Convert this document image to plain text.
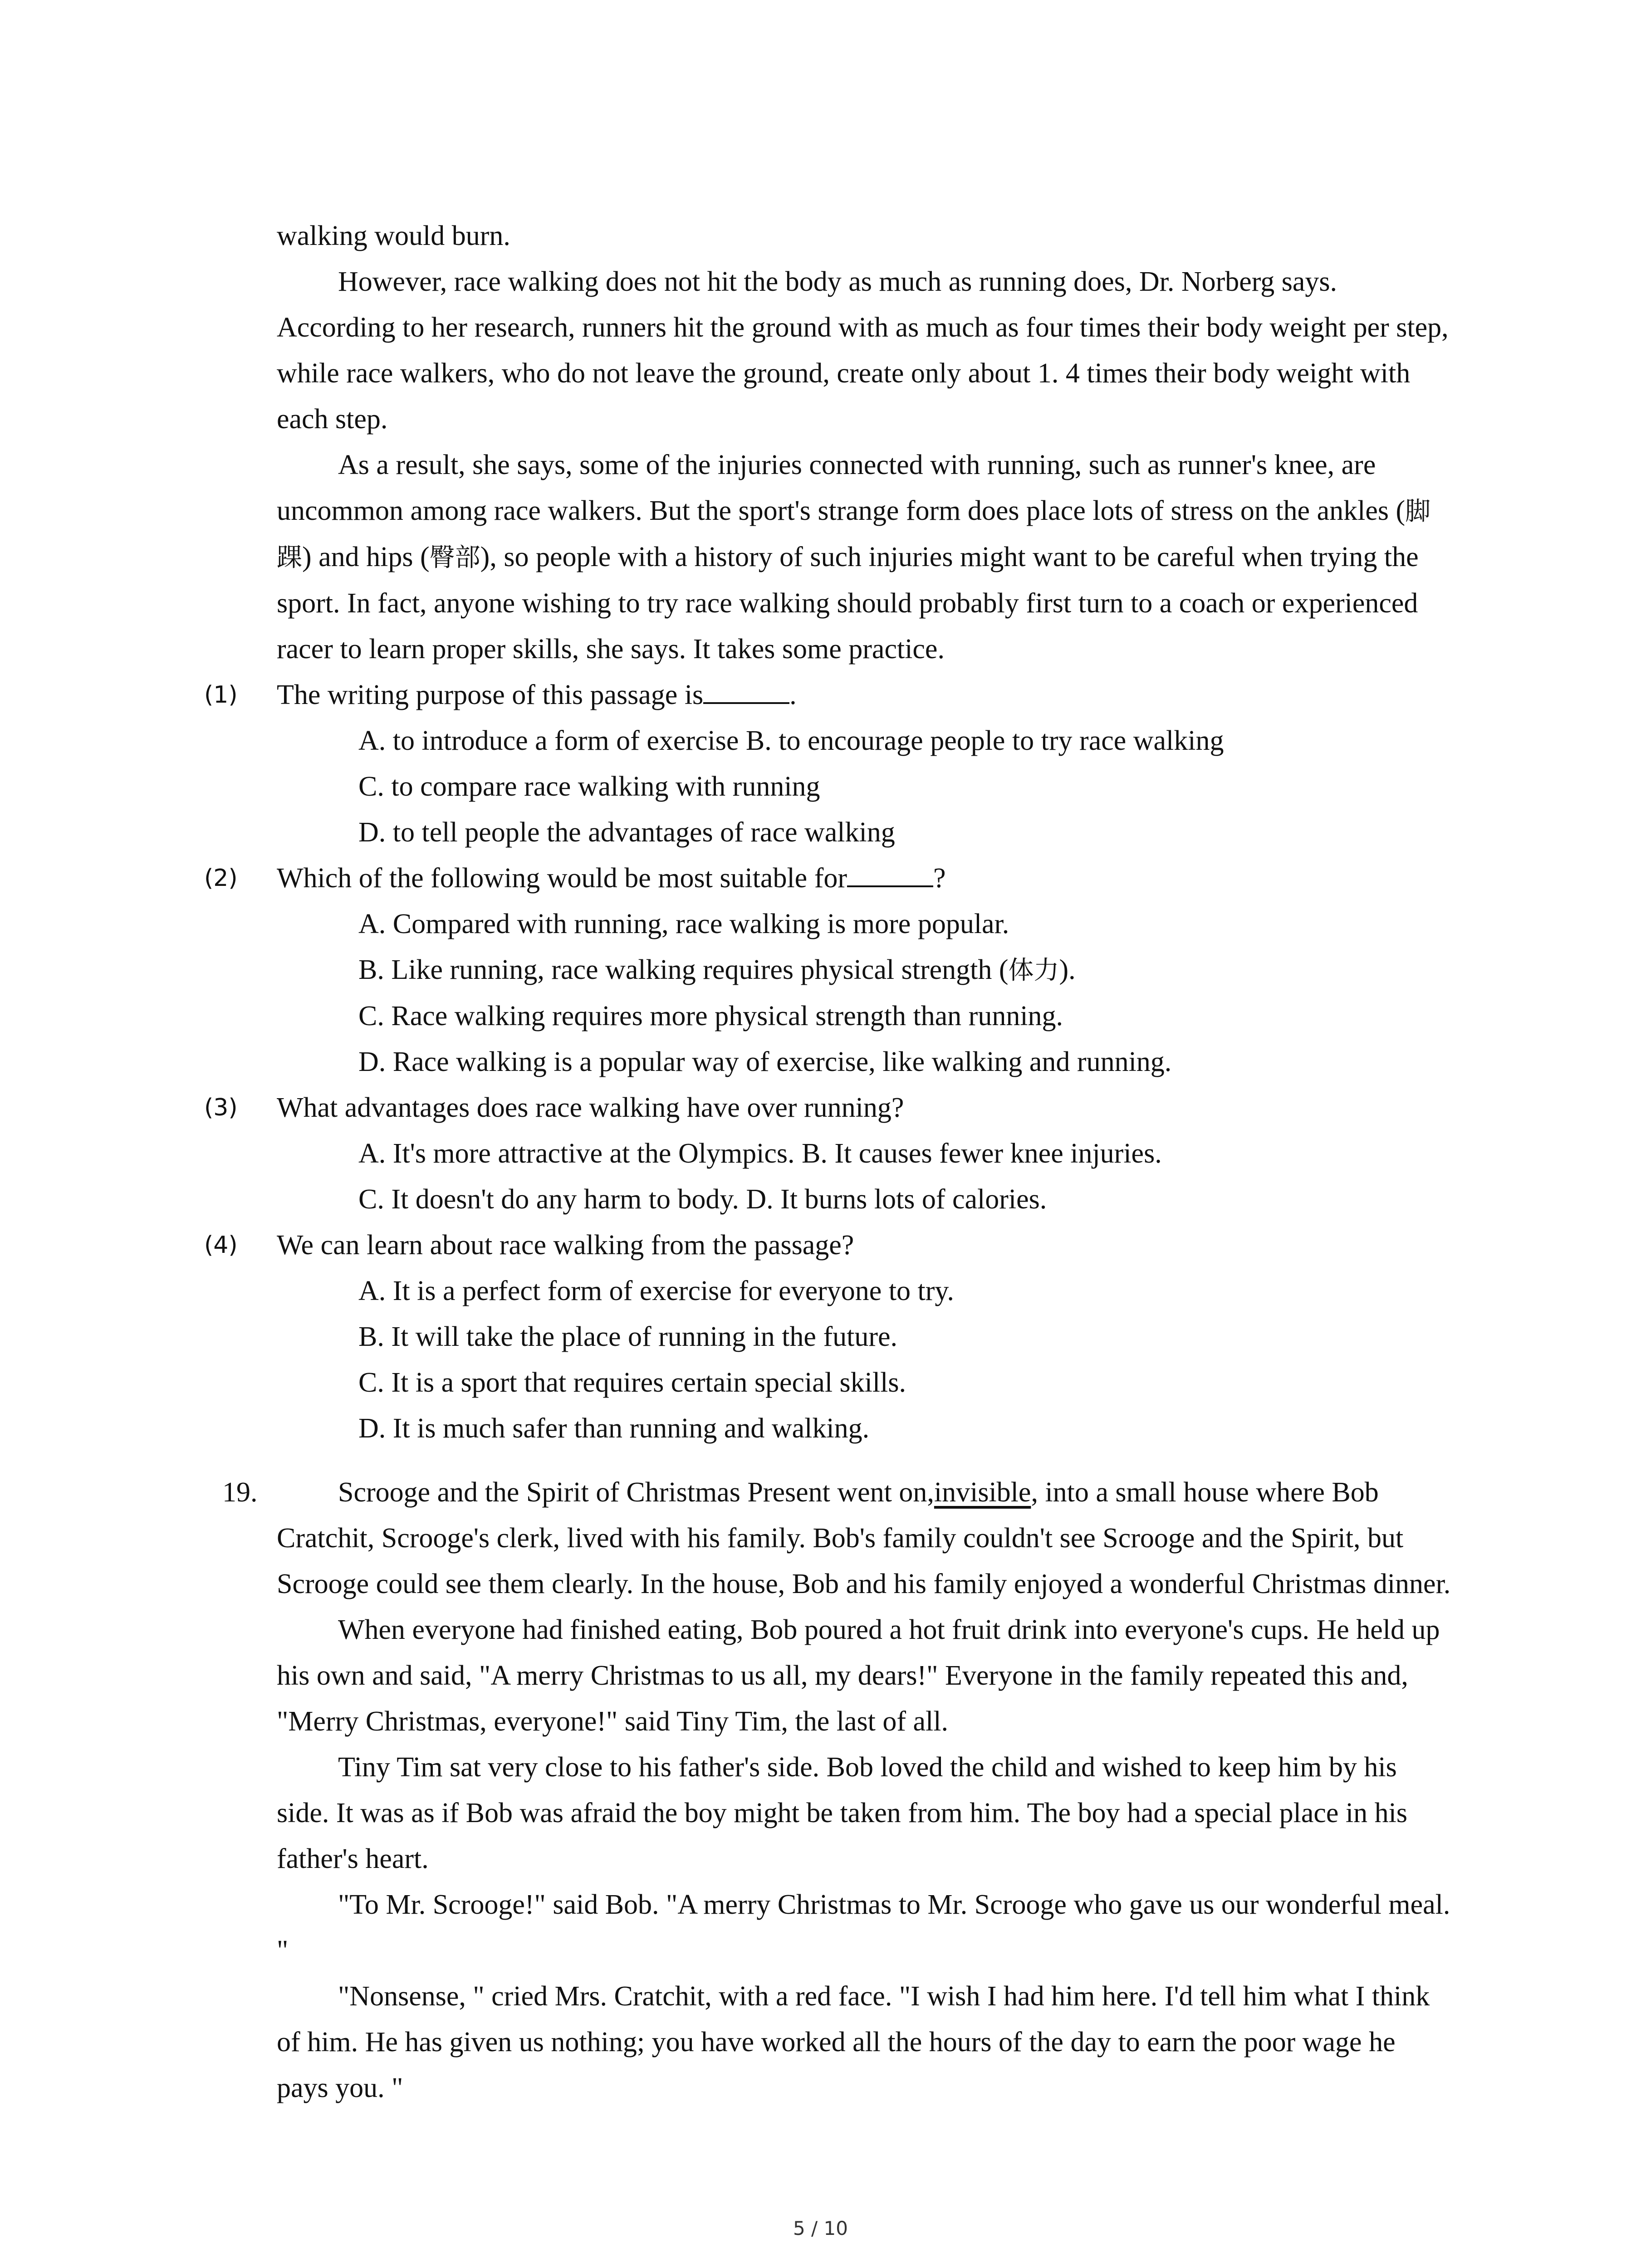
walking would burn.

However, race walking does not hit the body as much as running does, Dr. Norberg says. According to her research, runners hit the ground with as much as four times their body weight per step, while race walkers, who do not leave the ground, create only about 1. 4 times their body weight with each step.

As a result, she says, some of the injuries connected with running, such as runner's knee, are uncommon among race walkers. But the sport's strange form does place lots of stress on the ankles (脚踝) and hips (臀部), so people with a history of such injuries might want to be careful when trying the sport. In fact, anyone wishing to try race walking should probably first turn to a coach or experienced racer to learn proper skills, she says. It takes some practice.

(1) The writing purpose of this passage is	.
A. to introduce a form of exercise B. to encourage people to try race walking
C. to compare race walking with running
D. to tell people the advantages of race walking
(2) Which of the following would be most suitable for	?
A. Compared with running, race walking is more popular.
B. Like running, race walking requires physical strength (体力).
C. Race walking requires more physical strength than running.
D. Race walking is a popular way of exercise, like walking and running.
(3) What advantages does race walking have over running?
A. It's more attractive at the Olympics. B. It causes fewer knee injuries.
C. It doesn't do any harm to body. D. It burns lots of calories.
(4) We can learn about race walking from the passage?
A. It is a perfect form of exercise for everyone to try.
B. It will take the place of running in the future.
C. It is a sport that requires certain special skills.
D. It is much safer than running and walking.
19.	Scrooge and the Spirit of Christmas Present went on,invisible, into a small house where Bob Cratchit, Scrooge's clerk, lived with his family. Bob's family couldn't see Scrooge and the Spirit, but Scrooge could see them clearly. In the house, Bob and his family enjoyed a wonderful Christmas dinner.

When everyone had finished eating, Bob poured a hot fruit drink into everyone's cups. He held up his own and said, "A merry Christmas to us all, my dears!" Everyone in the family repeated this and, "Merry Christmas, everyone!" said Tiny Tim, the last of all.

Tiny Tim sat very close to his father's side. Bob loved the child and wished to keep him by his side. It was as if Bob was afraid the boy might be taken from him. The boy had a special place in his father's heart.

"To Mr. Scrooge!" said Bob. "A merry Christmas to Mr. Scrooge who gave us our wonderful meal. "

"Nonsense, " cried Mrs. Cratchit, with a red face. "I wish I had him here. I'd tell him what I think of him. He has given us nothing; you have worked all the hours of the day to earn the poor wage he pays you. "

5 / 10
